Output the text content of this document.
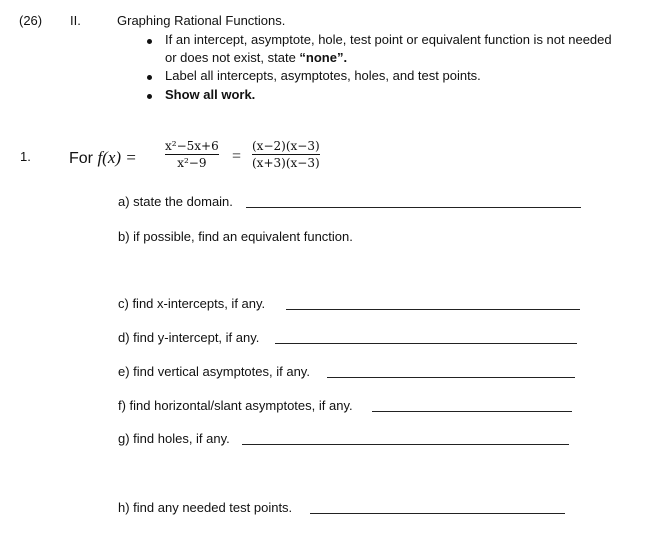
(26) II.	Graphing Rational Functions.
If an intercept, asymptote, hole, test point or equivalent function is not needed
or does not exist, state “none”.
Label all intercepts, asymptotes, holes, and test points.
Show all work.
1. For f(x) =
x²−5x+6
x²−9 =
(x−2)(x−3)
(x+3)(x−3)
a) state the domain.
b) if possible, find an equivalent function.
c) find x-intercepts, if any.
d) find y-intercept, if any.
e) find vertical asymptotes, if any.
f) find horizontal/slant asymptotes, if any.
g) find holes, if any.
h) find any needed test points.
